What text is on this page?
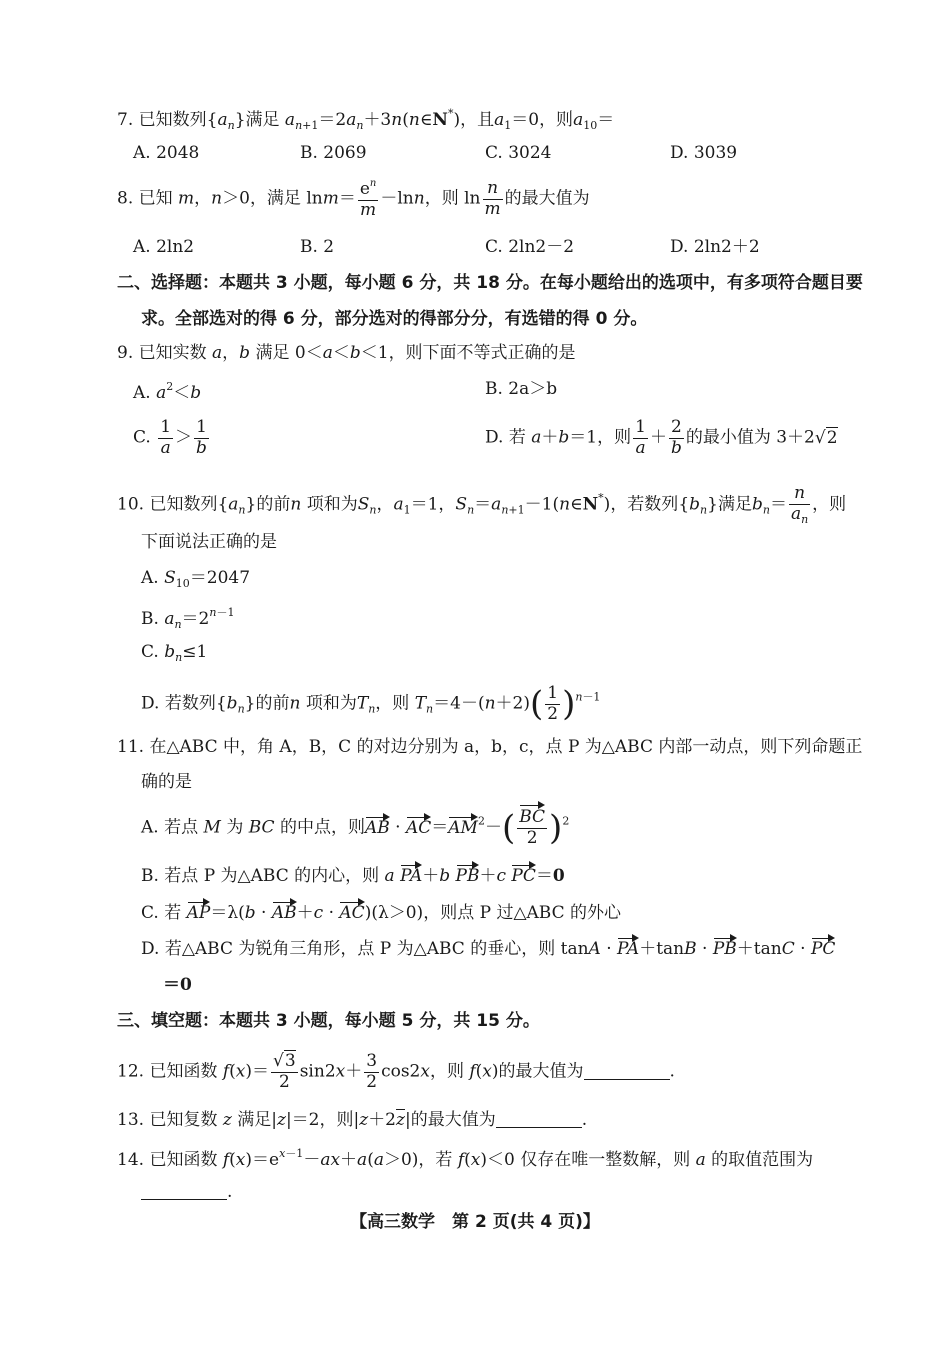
7. 已知数列$\{a_n\}$满足 $a_{n+1}=2a_n+3n(n\in N^*)$，且$a_1=0$，则$a_{10}=$
A. 2048	B. 2069	C. 3024	D. 3039
8. 已知 m，n＞0，满足 $\ln m= \frac{e^n}{m} -\ln n$，则 $\ln \frac{n}{m}$ 的最大值为
A. 2ln2	B. 2	C. 2ln2－2	D. 2ln2＋2
二、选择题：本题共 3 小题，每小题 6 分，共 18 分。在每小题给出的选项中，有多项符合题目要
求。全部选对的得 6 分，部分选对的得部分分，有选错的得 0 分。
9. 已知实数 a，b 满足 0＜a＜b＜1，则下面不等式正确的是
A. $a^2<b$	B. 2a＞b
C. $\frac{1}{a} > \frac{1}{b}$	D. 若 a＋b＝1，则 $\frac{1}{a} + \frac{2}{b}$ 的最小值为 3＋2√2
10. 已知数列$\{a_n\}$的前n 项和为$S_n$，$a_1=1$，$S_n=a_{n+1}-1(n\in N^*)$，若数列$\{b_n\}$满足$b_n= \frac{n}{a_n}$ ，则
下面说法正确的是
A. $S_{10}=2047$
B. $a_n=2^{n-1}$
C. $b_n\le 1$
D. 若数列$\{b_n\}$的前n 项和为$T_n$，则 $T_n=4-(n+2)( \frac{1}{2} )^{n-1}$
11. 在△ABC 中，角 A，B，C 的对边分别为 a，b，c，点 P 为△ABC 内部一动点，则下列命题正
确的是
A. 若点 M 为 BC 的中点，则AB · $AC=AM^2-( \frac{BC}{2} )^2$
B. 若点 P 为△ABC 的内心，则 a PA＋b PB＋c PC＝0
C. 若 AP＝λ(b · AB＋c · AC)(λ＞0)，则点 P 过△ABC 的外心
D. 若△ABC 为锐角三角形，点 P 为△ABC 的垂心，则 tanA · PA＋tanB · PB＋tanC · PC
＝0
三、填空题：本题共 3 小题，每小题 5 分，共 15 分。
12. 已知函数 $f(x)= \frac{√3}{2} \sin 2x+ \frac{3}{2} \cos 2x$，则 f(x)的最大值为	.
13. 已知复数 z 满足|z|＝2，则$|z+2\overline{z}|$的最大值为	.
14. 已知函数 $f(x)=e^{x-1}-ax+a(a>0)$，若 f(x)＜0 仅存在唯一整数解，则 a 的取值范围为
.
【高三数学　第 2 页(共 4 页)】
